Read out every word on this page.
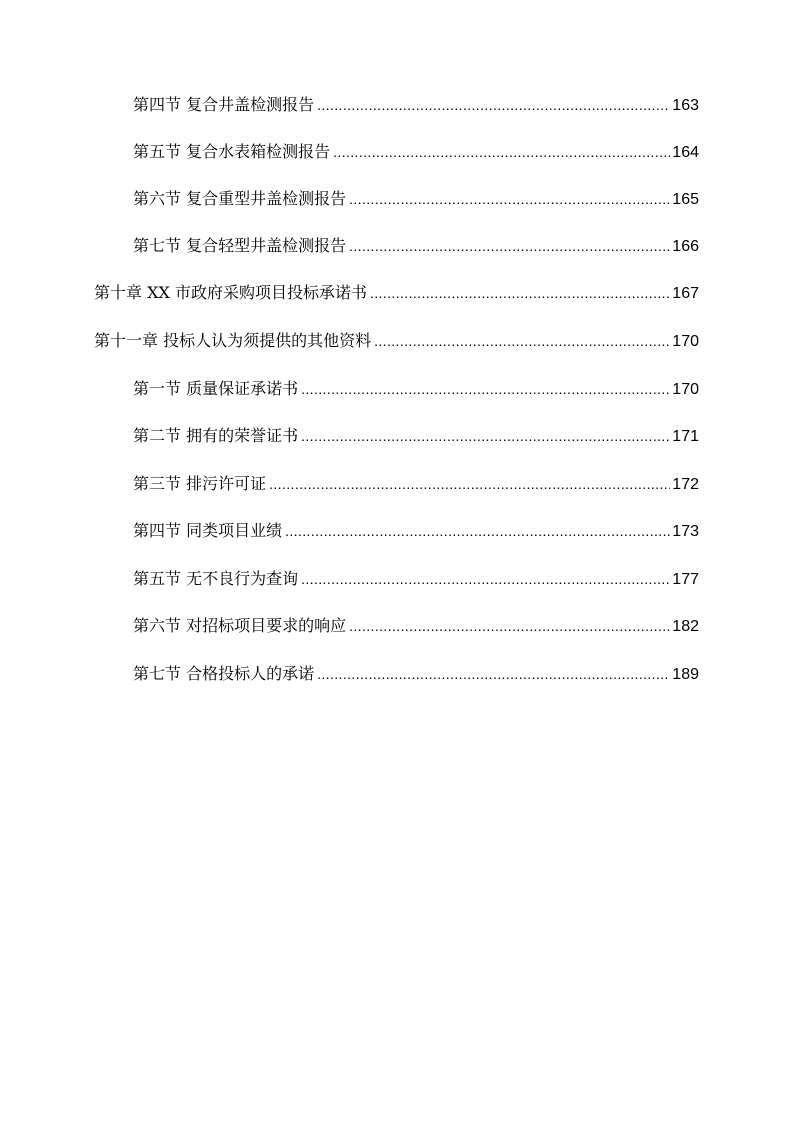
第四节 复合井盖检测报告 .....	163
第五节 复合水表箱检测报告 .....	164
第六节 复合重型井盖检测报告 .....	165
第七节 复合轻型井盖检测报告 .....	166
第十章 XX 市政府采购项目投标承诺书 .....	167
第十一章 投标人认为须提供的其他资料 .....	170
第一节 质量保证承诺书 .....	170
第二节 拥有的荣誉证书 .....	171
第三节 排污许可证 .....	172
第四节 同类项目业绩 .....	173
第五节 无不良行为查询 .....	177
第六节 对招标项目要求的响应 .....	182
第七节 合格投标人的承诺 .....	189
